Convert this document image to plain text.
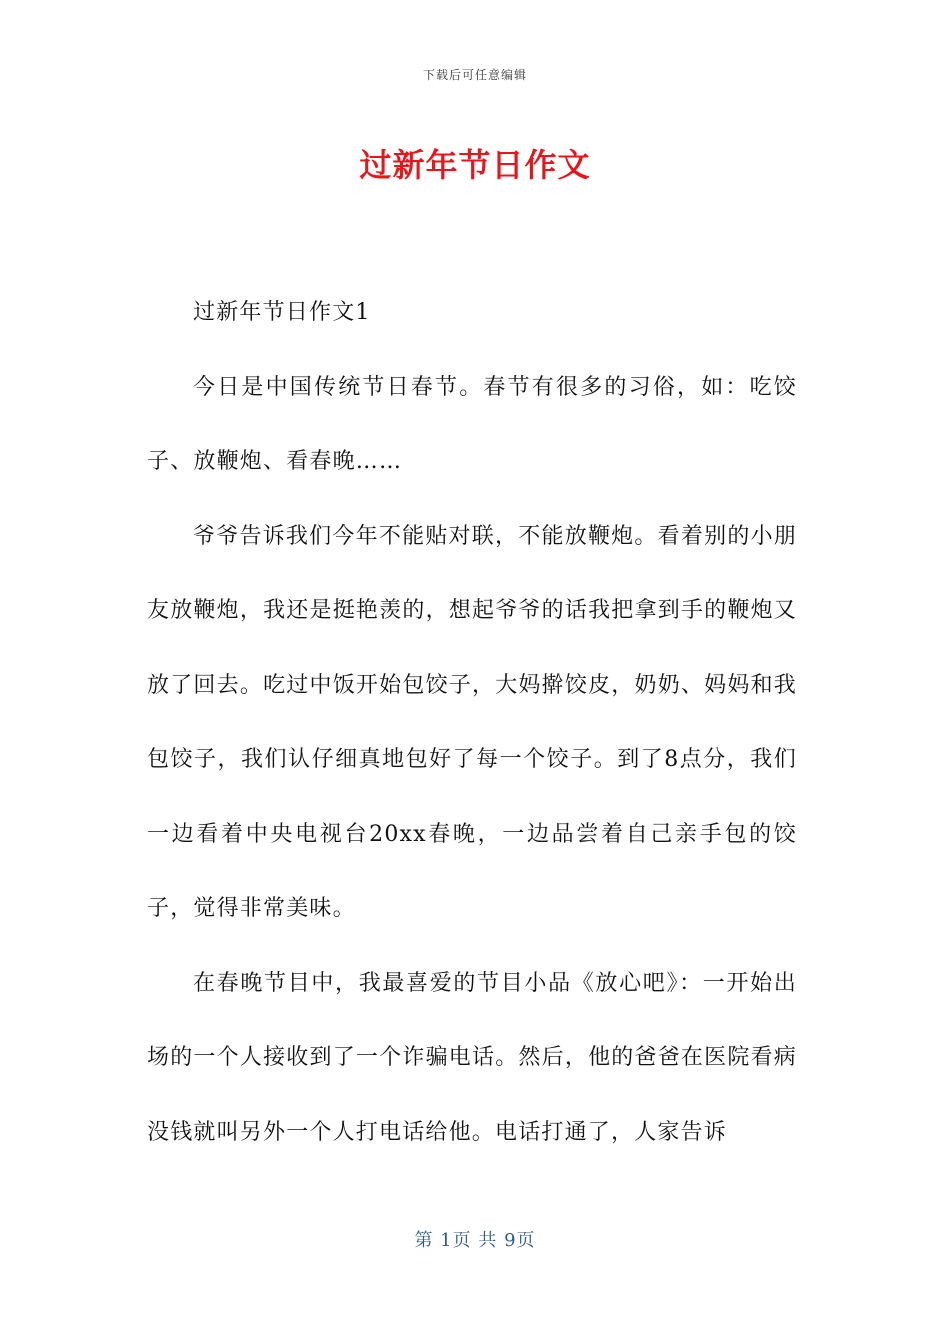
下载后可任意编辑
过新年节日作文

过新年节日作文1

今日是中国传统节日春节。春节有很多的习俗，如：吃饺子、放鞭炮、看春晚……

爷爷告诉我们今年不能贴对联，不能放鞭炮。看着别的小朋友放鞭炮，我还是挺艳羡的，想起爷爷的话我把拿到手的鞭炮又放了回去。吃过中饭开始包饺子，大妈擀饺皮，奶奶、妈妈和我包饺子，我们认仔细真地包好了每一个饺子。到了8点分，我们一边看着中央电视台20xx春晚，一边品尝着自己亲手包的饺子，觉得非常美味。

在春晚节目中，我最喜爱的节目小品《放心吧》：一开始出场的一个人接收到了一个诈骗电话。然后，他的爸爸在医院看病没钱就叫另外一个人打电话给他。电话打通了，人家告诉

第 1页 共 9页
